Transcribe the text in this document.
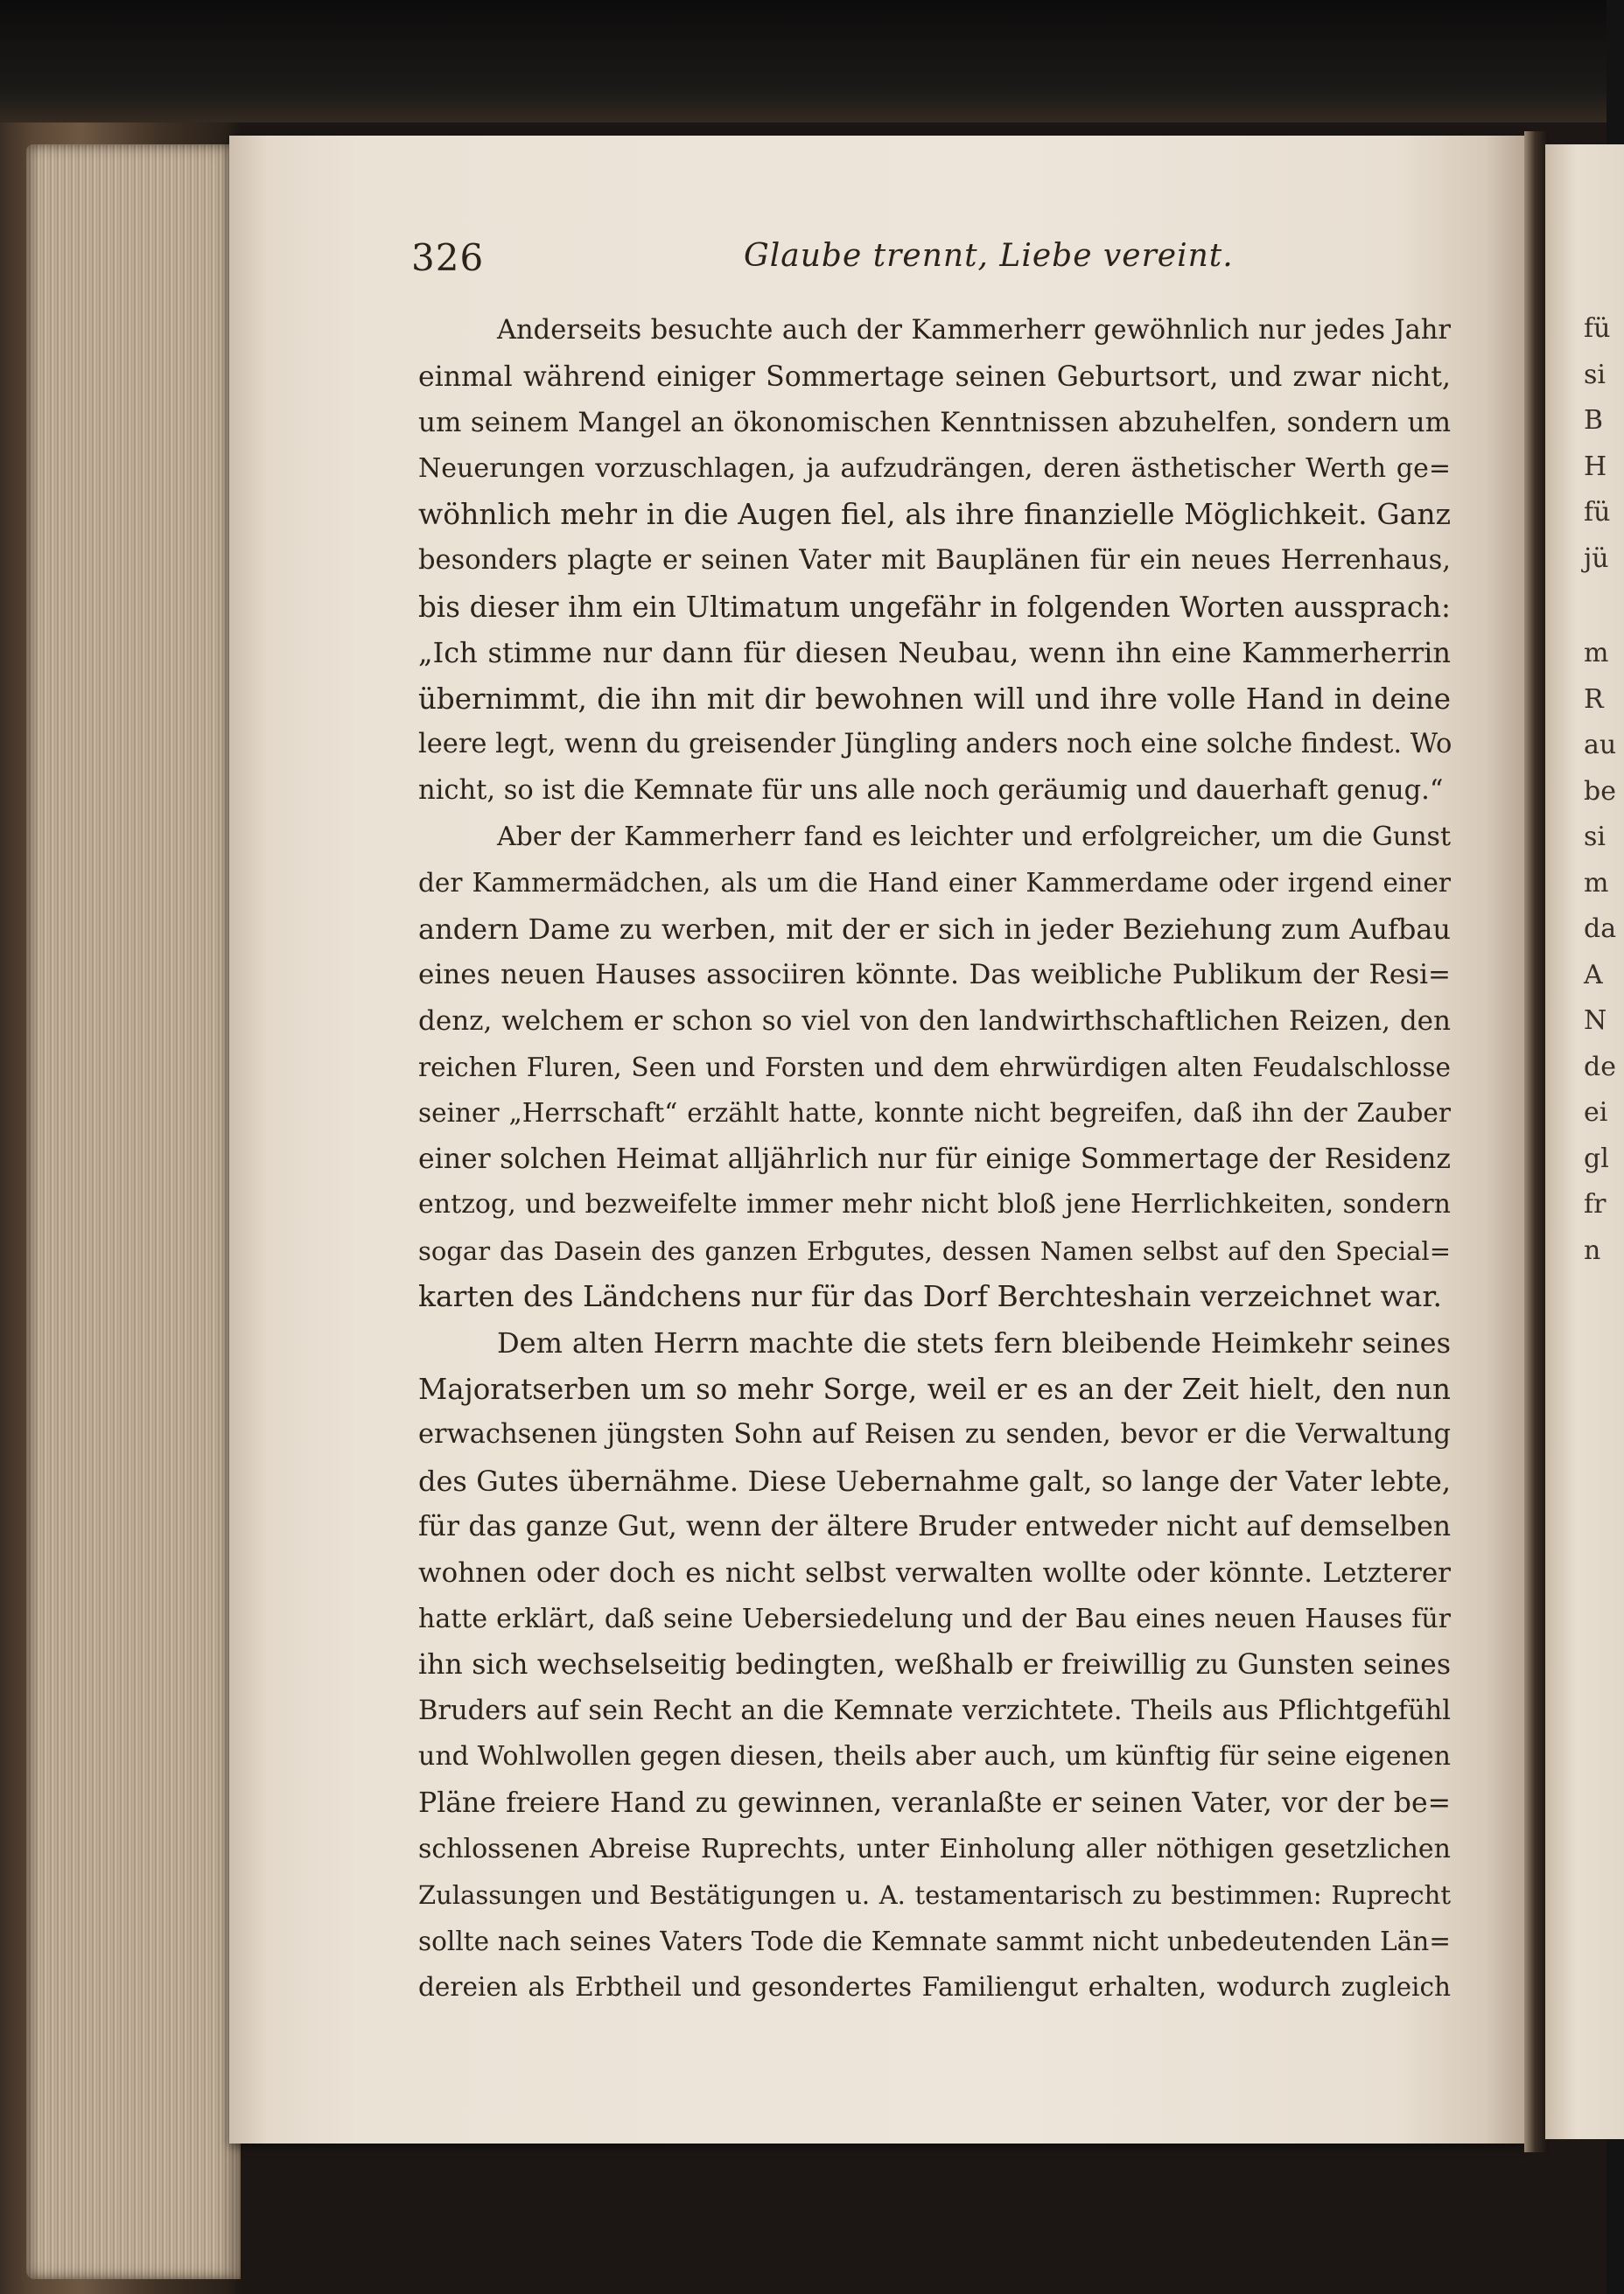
fü
si
B
H
fü
jü
m
R
au
be
si
m
da
A
N
de
ei
gl
fr
n
326	Glaube trennt, Liebe vereint.
Anderseits besuchte auch der Kammerherr gewöhnlich nur jedes Jahr
einmal während einiger Sommertage seinen Geburtsort, und zwar nicht,
um seinem Mangel an ökonomischen Kenntnissen abzuhelfen, sondern um
Neuerungen vorzuschlagen, ja aufzudrängen, deren ästhetischer Werth ge=
wöhnlich mehr in die Augen fiel, als ihre finanzielle Möglichkeit. Ganz
besonders plagte er seinen Vater mit Bauplänen für ein neues Herrenhaus,
bis dieser ihm ein Ultimatum ungefähr in folgenden Worten aussprach:
„Ich stimme nur dann für diesen Neubau, wenn ihn eine Kammerherrin
übernimmt, die ihn mit dir bewohnen will und ihre volle Hand in deine
leere legt, wenn du greisender Jüngling anders noch eine solche findest. Wo
nicht, so ist die Kemnate für uns alle noch geräumig und dauerhaft genug.“
Aber der Kammerherr fand es leichter und erfolgreicher, um die Gunst
der Kammermädchen, als um die Hand einer Kammerdame oder irgend einer
andern Dame zu werben, mit der er sich in jeder Beziehung zum Aufbau
eines neuen Hauses associiren könnte. Das weibliche Publikum der Resi=
denz, welchem er schon so viel von den landwirthschaftlichen Reizen, den
reichen Fluren, Seen und Forsten und dem ehrwürdigen alten Feudalschlosse
seiner „Herrschaft“ erzählt hatte, konnte nicht begreifen, daß ihn der Zauber
einer solchen Heimat alljährlich nur für einige Sommertage der Residenz
entzog, und bezweifelte immer mehr nicht bloß jene Herrlichkeiten, sondern
sogar das Dasein des ganzen Erbgutes, dessen Namen selbst auf den Special=
karten des Ländchens nur für das Dorf Berchteshain verzeichnet war.
Dem alten Herrn machte die stets fern bleibende Heimkehr seines
Majoratserben um so mehr Sorge, weil er es an der Zeit hielt, den nun
erwachsenen jüngsten Sohn auf Reisen zu senden, bevor er die Verwaltung
des Gutes übernähme. Diese Uebernahme galt, so lange der Vater lebte,
für das ganze Gut, wenn der ältere Bruder entweder nicht auf demselben
wohnen oder doch es nicht selbst verwalten wollte oder könnte. Letzterer
hatte erklärt, daß seine Uebersiedelung und der Bau eines neuen Hauses für
ihn sich wechselseitig bedingten, weßhalb er freiwillig zu Gunsten seines
Bruders auf sein Recht an die Kemnate verzichtete. Theils aus Pflichtgefühl
und Wohlwollen gegen diesen, theils aber auch, um künftig für seine eigenen
Pläne freiere Hand zu gewinnen, veranlaßte er seinen Vater, vor der be=
schlossenen Abreise Ruprechts, unter Einholung aller nöthigen gesetzlichen
Zulassungen und Bestätigungen u. A. testamentarisch zu bestimmen: Ruprecht
sollte nach seines Vaters Tode die Kemnate sammt nicht unbedeutenden Län=
dereien als Erbtheil und gesondertes Familiengut erhalten, wodurch zugleich
